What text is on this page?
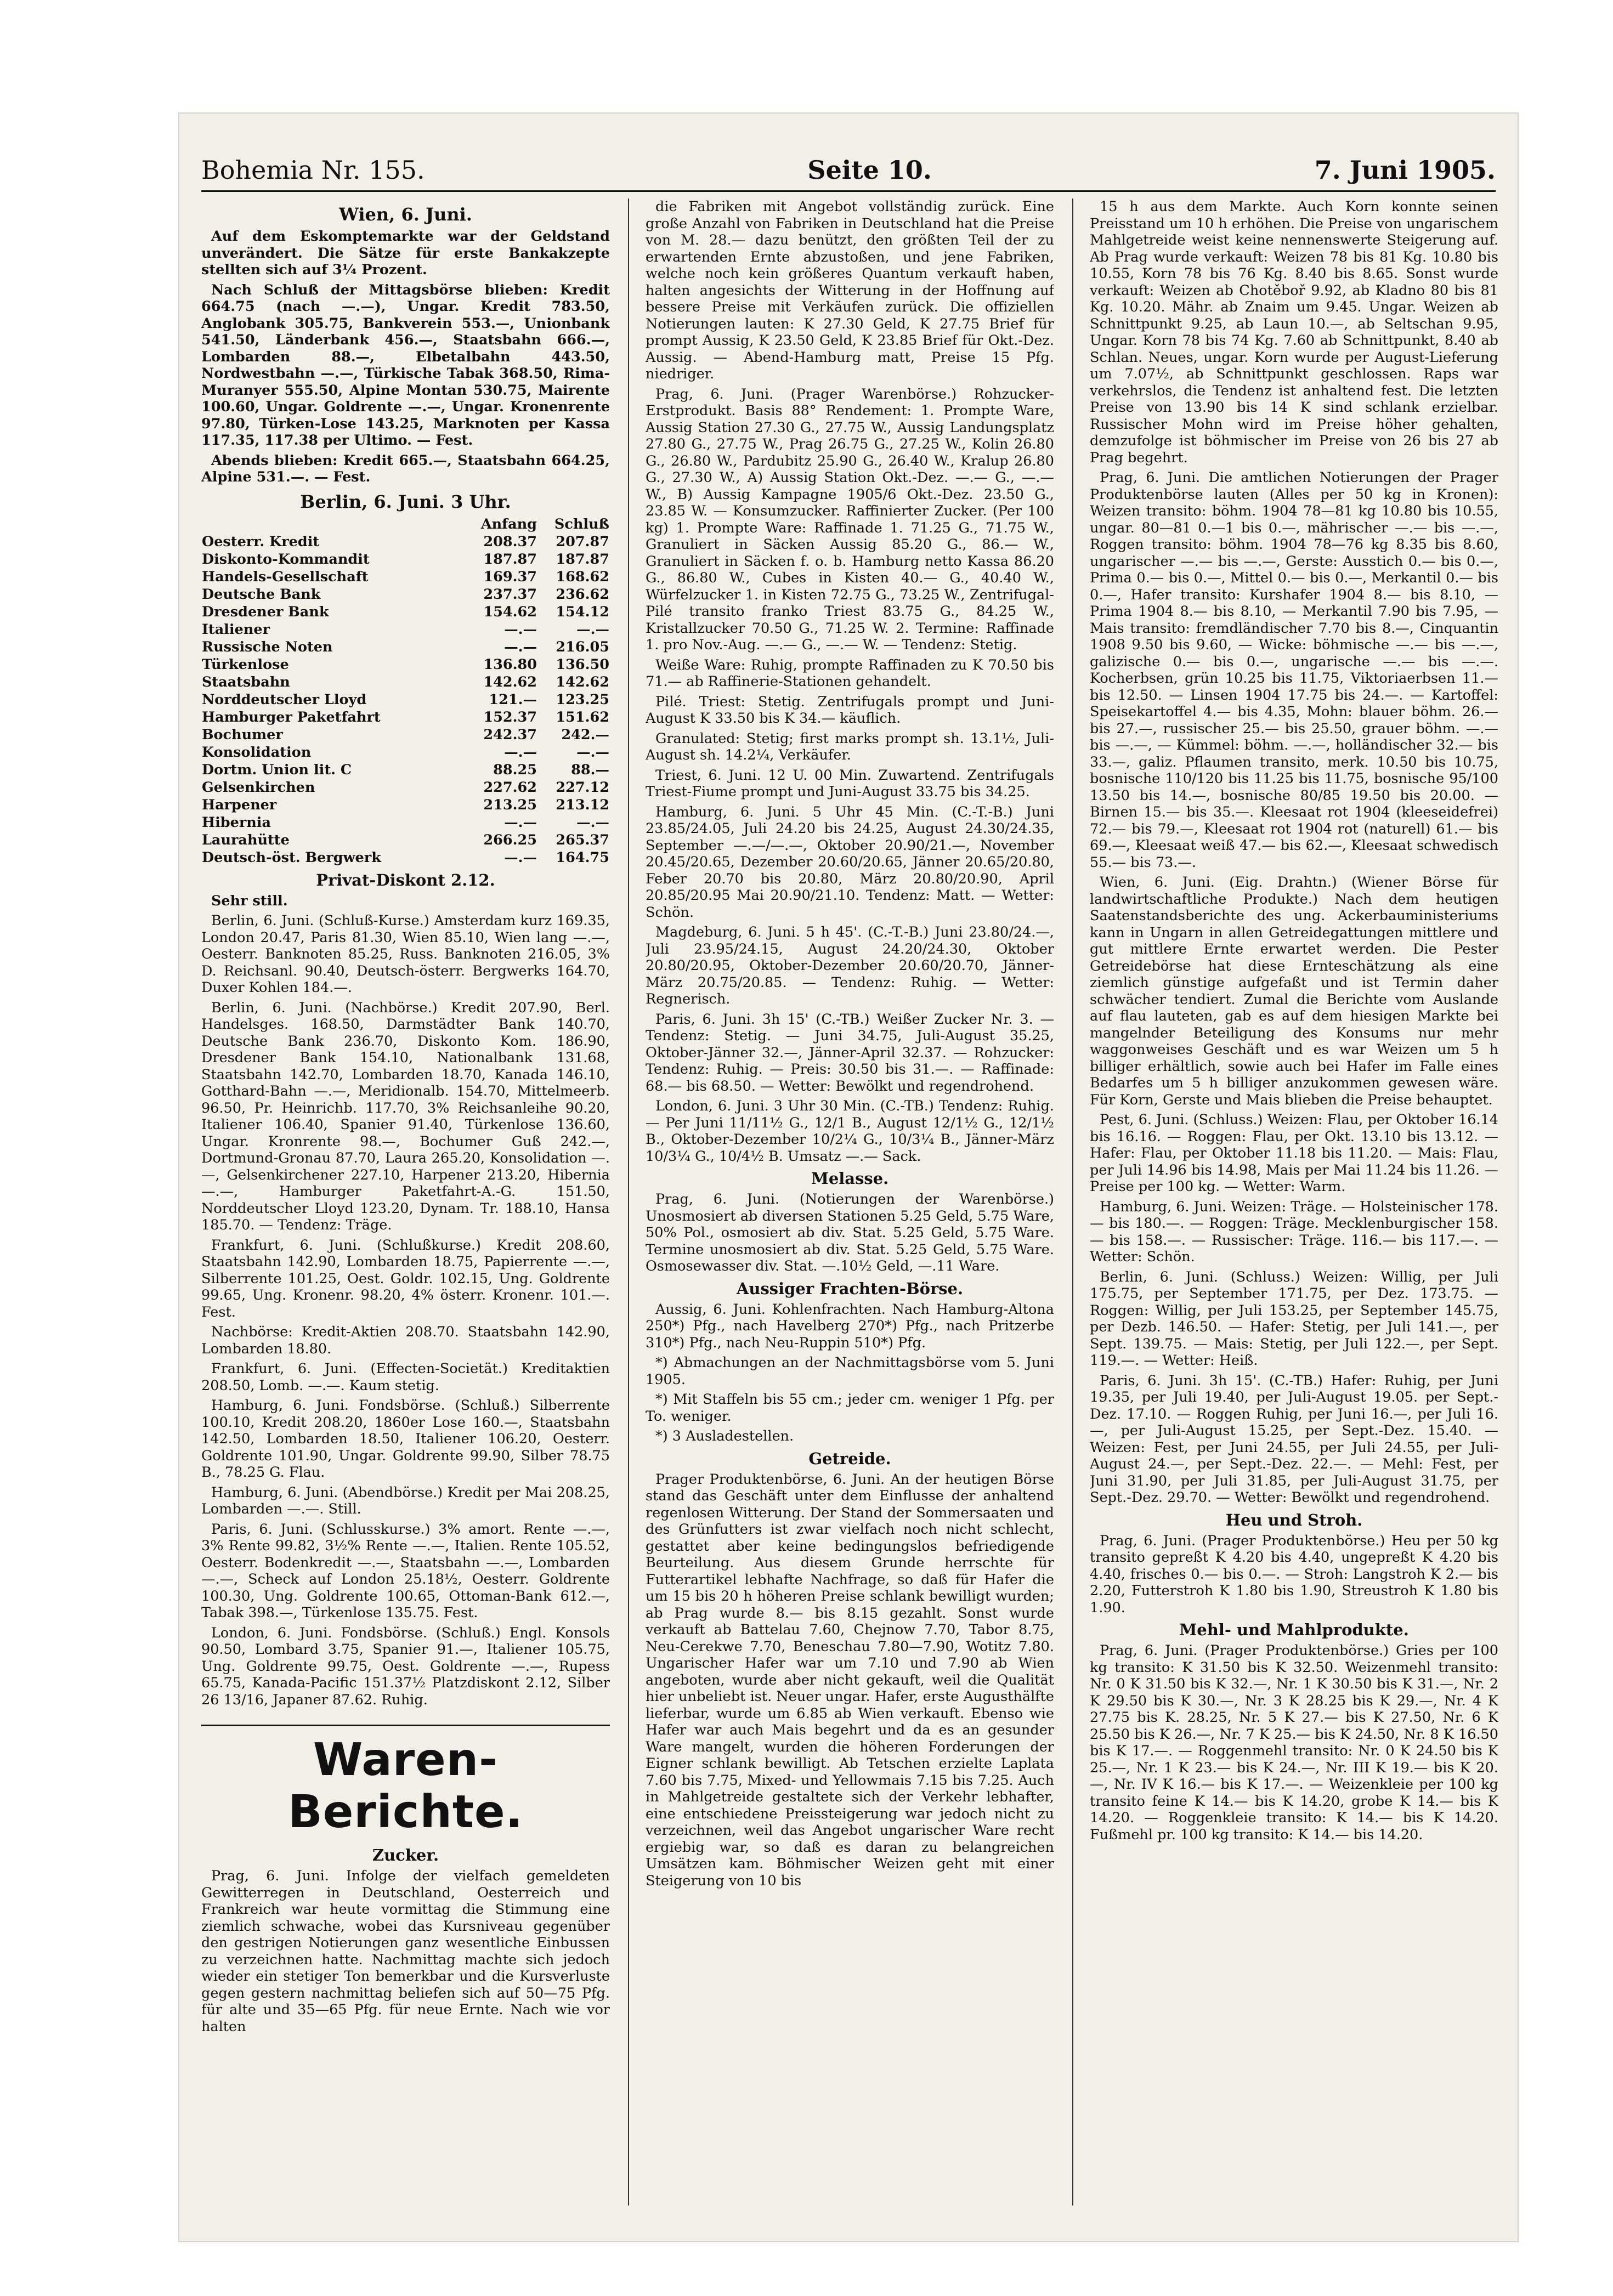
Bohemia Nr. 155.	Seite 10.	7. Juni 1905.
Wien, 6. Juni.

Auf dem Eskomptemarkte war der Geldstand unverändert. Die Sätze für erste Bankakzepte stellten sich auf 3¼ Prozent.

Nach Schluß der Mittagsbörse blieben: Kredit 664.75 (nach —.—), Ungar. Kredit 783.50, Anglobank 305.75, Bankverein 553.—, Unionbank 541.50, Länderbank 456.—, Staatsbahn 666.—, Lombarden 88.—, Elbetalbahn 443.50, Nordwestbahn —.—, Türkische Tabak 368.50, Rima-Muranyer 555.50, Alpine Montan 530.75, Mairente 100.60, Ungar. Goldrente —.—, Ungar. Kronenrente 97.80, Türken-Lose 143.25, Marknoten per Kassa 117.35, 117.38 per Ultimo. — Fest.

Abends blieben: Kredit 665.—, Staatsbahn 664.25, Alpine 531.—. — Fest.

Berlin, 6. Juni. 3 Uhr.
	Anfang	Schluß
Oesterr. Kredit	208.37	207.87
Diskonto-Kommandit	187.87	187.87
Handels-Gesellschaft	169.37	168.62
Deutsche Bank	237.37	236.62
Dresdener Bank	154.62	154.12
Italiener	—.—	—.—
Russische Noten	—.—	216.05
Türkenlose	136.80	136.50
Staatsbahn	142.62	142.62
Norddeutscher Lloyd	121.—	123.25
Hamburger Paketfahrt	152.37	151.62
Bochumer	242.37	242.—
Konsolidation	—.—	—.—
Dortm. Union lit. C	88.25	88.—
Gelsenkirchen	227.62	227.12
Harpener	213.25	213.12
Hibernia	—.—	—.—
Laurahütte	266.25	265.37
Deutsch-öst. Bergwerk	—.—	164.75
Privat-Diskont 2.12.

Sehr still.

Berlin, 6. Juni. (Schluß-Kurse.) Amsterdam kurz 169.35, London 20.47, Paris 81.30, Wien 85.10, Wien lang —.—, Oesterr. Banknoten 85.25, Russ. Banknoten 216.05, 3% D. Reichsanl. 90.40, Deutsch-österr. Bergwerks 164.70, Duxer Kohlen 184.—.

Berlin, 6. Juni. (Nachbörse.) Kredit 207.90, Berl. Handelsges. 168.50, Darmstädter Bank 140.70, Deutsche Bank 236.70, Diskonto Kom. 186.90, Dresdener Bank 154.10, Nationalbank 131.68, Staatsbahn 142.70, Lombarden 18.70, Kanada 146.10, Gotthard-Bahn —.—, Meridionalb. 154.70, Mittelmeerb. 96.50, Pr. Heinrichb. 117.70, 3% Reichsanleihe 90.20, Italiener 106.40, Spanier 91.40, Türkenlose 136.60, Ungar. Kronrente 98.—, Bochumer Guß 242.—, Dortmund-Gronau 87.70, Laura 265.20, Konsolidation —.—, Gelsenkirchener 227.10, Harpener 213.20, Hibernia —.—, Hamburger Paketfahrt-A.-G. 151.50, Norddeutscher Lloyd 123.20, Dynam. Tr. 188.10, Hansa 185.70. — Tendenz: Träge.

Frankfurt, 6. Juni. (Schlußkurse.) Kredit 208.60, Staatsbahn 142.90, Lombarden 18.75, Papierrente —.—, Silberrente 101.25, Oest. Goldr. 102.15, Ung. Goldrente 99.65, Ung. Kronenr. 98.20, 4% österr. Kronenr. 101.—. Fest.

Nachbörse: Kredit-Aktien 208.70. Staatsbahn 142.90, Lombarden 18.80.

Frankfurt, 6. Juni. (Effecten-Societät.) Kreditaktien 208.50, Lomb. —.—. Kaum stetig.

Hamburg, 6. Juni. Fondsbörse. (Schluß.) Silberrente 100.10, Kredit 208.20, 1860er Lose 160.—, Staatsbahn 142.50, Lombarden 18.50, Italiener 106.20, Oesterr. Goldrente 101.90, Ungar. Goldrente 99.90, Silber 78.75 B., 78.25 G. Flau.

Hamburg, 6. Juni. (Abendbörse.) Kredit per Mai 208.25, Lombarden —.—. Still.

Paris, 6. Juni. (Schlusskurse.) 3% amort. Rente —.—, 3% Rente 99.82, 3½% Rente —.—, Italien. Rente 105.52, Oesterr. Bodenkredit —.—, Staatsbahn —.—, Lombarden —.—, Scheck auf London 25.18½, Oesterr. Goldrente 100.30, Ung. Goldrente 100.65, Ottoman-Bank 612.—, Tabak 398.—, Türkenlose 135.75. Fest.

London, 6. Juni. Fondsbörse. (Schluß.) Engl. Konsols 90.50, Lombard 3.75, Spanier 91.—, Italiener 105.75, Ung. Goldrente 99.75, Oest. Goldrente —.—, Rupess 65.75, Kanada-Pacific 151.37½ Platzdiskont 2.12, Silber 26 13/16, Japaner 87.62. Ruhig.

Waren-Berichte.
Zucker.

Prag, 6. Juni. Infolge der vielfach gemeldeten Gewitterregen in Deutschland, Oesterreich und Frankreich war heute vormittag die Stimmung eine ziemlich schwache, wobei das Kursniveau gegenüber den gestrigen Notierungen ganz wesentliche Einbussen zu verzeichnen hatte. Nachmittag machte sich jedoch wieder ein stetiger Ton bemerkbar und die Kursverluste gegen gestern nachmittag beliefen sich auf 50—75 Pfg. für alte und 35—65 Pfg. für neue Ernte. Nach wie vor halten

die Fabriken mit Angebot vollständig zurück. Eine große Anzahl von Fabriken in Deutschland hat die Preise von M. 28.— dazu benützt, den größten Teil der zu erwartenden Ernte abzustoßen, und jene Fabriken, welche noch kein größeres Quantum verkauft haben, halten angesichts der Witterung in der Hoffnung auf bessere Preise mit Verkäufen zurück. Die offiziellen Notierungen lauten: K 27.30 Geld, K 27.75 Brief für prompt Aussig, K 23.50 Geld, K 23.85 Brief für Okt.-Dez. Aussig. — Abend-Hamburg matt, Preise 15 Pfg. niedriger.

Prag, 6. Juni. (Prager Warenbörse.) Rohzucker-Erstprodukt. Basis 88° Rendement: 1. Prompte Ware, Aussig Station 27.30 G., 27.75 W., Aussig Landungsplatz 27.80 G., 27.75 W., Prag 26.75 G., 27.25 W., Kolin 26.80 G., 26.80 W., Pardubitz 25.90 G., 26.40 W., Kralup 26.80 G., 27.30 W., A) Aussig Station Okt.-Dez. —.— G., —.— W., B) Aussig Kampagne 1905/6 Okt.-Dez. 23.50 G., 23.85 W. — Konsumzucker. Raffinierter Zucker. (Per 100 kg) 1. Prompte Ware: Raffinade 1. 71.25 G., 71.75 W., Granuliert in Säcken Aussig 85.20 G., 86.— W., Granuliert in Säcken f. o. b. Hamburg netto Kassa 86.20 G., 86.80 W., Cubes in Kisten 40.— G., 40.40 W., Würfelzucker 1. in Kisten 72.75 G., 73.25 W., Zentrifugal-Pilé transito franko Triest 83.75 G., 84.25 W., Kristallzucker 70.50 G., 71.25 W. 2. Termine: Raffinade 1. pro Nov.-Aug. —.— G., —.— W. — Tendenz: Stetig.

Weiße Ware: Ruhig, prompte Raffinaden zu K 70.50 bis 71.— ab Raffinerie-Stationen gehandelt.

Pilé. Triest: Stetig. Zentrifugals prompt und Juni-August K 33.50 bis K 34.— käuflich.

Granulated: Stetig; first marks prompt sh. 13.1½, Juli-August sh. 14.2¼, Verkäufer.

Triest, 6. Juni. 12 U. 00 Min. Zuwartend. Zentrifugals Triest-Fiume prompt und Juni-August 33.75 bis 34.25.

Hamburg, 6. Juni. 5 Uhr 45 Min. (C.-T.-B.) Juni 23.85/24.05, Juli 24.20 bis 24.25, August 24.30/24.35, September —.—/—.—, Oktober 20.90/21.—, November 20.45/20.65, Dezember 20.60/20.65, Jänner 20.65/20.80, Feber 20.70 bis 20.80, März 20.80/20.90, April 20.85/20.95 Mai 20.90/21.10. Tendenz: Matt. — Wetter: Schön.

Magdeburg, 6. Juni. 5 h 45'. (C.-T.-B.) Juni 23.80/24.—, Juli 23.95/24.15, August 24.20/24.30, Oktober 20.80/20.95, Oktober-Dezember 20.60/20.70, Jänner-März 20.75/20.85. — Tendenz: Ruhig. — Wetter: Regnerisch.

Paris, 6. Juni. 3h 15' (C.-TB.) Weißer Zucker Nr. 3. — Tendenz: Stetig. — Juni 34.75, Juli-August 35.25, Oktober-Jänner 32.—, Jänner-April 32.37. — Rohzucker: Tendenz: Ruhig. — Preis: 30.50 bis 31.—. — Raffinade: 68.— bis 68.50. — Wetter: Bewölkt und regendrohend.

London, 6. Juni. 3 Uhr 30 Min. (C.-TB.) Tendenz: Ruhig. — Per Juni 11/11½ G., 12/1 B., August 12/1½ G., 12/1½ B., Oktober-Dezember 10/2¼ G., 10/3¼ B., Jänner-März 10/3¼ G., 10/4½ B. Umsatz —.— Sack.

Melasse.

Prag, 6. Juni. (Notierungen der Warenbörse.) Unosmosiert ab diversen Stationen 5.25 Geld, 5.75 Ware, 50% Pol., osmosiert ab div. Stat. 5.25 Geld, 5.75 Ware. Termine unosmosiert ab div. Stat. 5.25 Geld, 5.75 Ware. Osmosewasser div. Stat. —.10½ Geld, —.11 Ware.

Aussiger Frachten-Börse.

Aussig, 6. Juni. Kohlenfrachten. Nach Hamburg-Altona 250*) Pfg., nach Havelberg 270*) Pfg., nach Pritzerbe 310*) Pfg., nach Neu-Ruppin 510*) Pfg.

*) Abmachungen an der Nachmittagsbörse vom 5. Juni 1905.

*) Mit Staffeln bis 55 cm.; jeder cm. weniger 1 Pfg. per To. weniger.

*) 3 Ausladestellen.

Getreide.

Prager Produktenbörse, 6. Juni. An der heutigen Börse stand das Geschäft unter dem Einflusse der anhaltend regenlosen Witterung. Der Stand der Sommersaaten und des Grünfutters ist zwar vielfach noch nicht schlecht, gestattet aber keine bedingungslos befriedigende Beurteilung. Aus diesem Grunde herrschte für Futterartikel lebhafte Nachfrage, so daß für Hafer die um 15 bis 20 h höheren Preise schlank bewilligt wurden; ab Prag wurde 8.— bis 8.15 gezahlt. Sonst wurde verkauft ab Battelau 7.60, Chejnow 7.70, Tabor 8.75, Neu-Cerekwe 7.70, Beneschau 7.80—7.90, Wotitz 7.80. Ungarischer Hafer war um 7.10 und 7.90 ab Wien angeboten, wurde aber nicht gekauft, weil die Qualität hier unbeliebt ist. Neuer ungar. Hafer, erste Augusthälfte lieferbar, wurde um 6.85 ab Wien verkauft. Ebenso wie Hafer war auch Mais begehrt und da es an gesunder Ware mangelt, wurden die höheren Forderungen der Eigner schlank bewilligt. Ab Tetschen erzielte Laplata 7.60 bis 7.75, Mixed- und Yellowmais 7.15 bis 7.25. Auch in Mahlgetreide gestaltete sich der Verkehr lebhafter, eine entschiedene Preissteigerung war jedoch nicht zu verzeichnen, weil das Angebot ungarischer Ware recht ergiebig war, so daß es daran zu belangreichen Umsätzen kam. Böhmischer Weizen geht mit einer Steigerung von 10 bis

15 h aus dem Markte. Auch Korn konnte seinen Preisstand um 10 h erhöhen. Die Preise von ungarischem Mahlgetreide weist keine nennenswerte Steigerung auf. Ab Prag wurde verkauft: Weizen 78 bis 81 Kg. 10.80 bis 10.55, Korn 78 bis 76 Kg. 8.40 bis 8.65. Sonst wurde verkauft: Weizen ab Chotěboř 9.92, ab Kladno 80 bis 81 Kg. 10.20. Mähr. ab Znaim um 9.45. Ungar. Weizen ab Schnittpunkt 9.25, ab Laun 10.—, ab Seltschan 9.95, Ungar. Korn 78 bis 74 Kg. 7.60 ab Schnittpunkt, 8.40 ab Schlan. Neues, ungar. Korn wurde per August-Lieferung um 7.07½, ab Schnittpunkt geschlossen. Raps war verkehrslos, die Tendenz ist anhaltend fest. Die letzten Preise von 13.90 bis 14 K sind schlank erzielbar. Russischer Mohn wird im Preise höher gehalten, demzufolge ist böhmischer im Preise von 26 bis 27 ab Prag begehrt.

Prag, 6. Juni. Die amtlichen Notierungen der Prager Produktenbörse lauten (Alles per 50 kg in Kronen): Weizen transito: böhm. 1904 78—81 kg 10.80 bis 10.55, ungar. 80—81 0.—1 bis 0.—, mährischer —.— bis —.—, Roggen transito: böhm. 1904 78—76 kg 8.35 bis 8.60, ungarischer —.— bis —.—, Gerste: Ausstich 0.— bis 0.—, Prima 0.— bis 0.—, Mittel 0.— bis 0.—, Merkantil 0.— bis 0.—, Hafer transito: Kurshafer 1904 8.— bis 8.10, — Prima 1904 8.— bis 8.10, — Merkantil 7.90 bis 7.95, — Mais transito: fremdländischer 7.70 bis 8.—, Cinquantin 1908 9.50 bis 9.60, — Wicke: böhmische —.— bis —.—, galizische 0.— bis 0.—, ungarische —.— bis —.—. Kocherbsen, grün 10.25 bis 11.75, Viktoriaerbsen 11.— bis 12.50. — Linsen 1904 17.75 bis 24.—. — Kartoffel: Speisekartoffel 4.— bis 4.35, Mohn: blauer böhm. 26.— bis 27.—, russischer 25.— bis 25.50, grauer böhm. —.— bis —.—, — Kümmel: böhm. —.—, holländischer 32.— bis 33.—, galiz. Pflaumen transito, merk. 10.50 bis 10.75, bosnische 110/120 bis 11.25 bis 11.75, bosnische 95/100 13.50 bis 14.—, bosnische 80/85 19.50 bis 20.00. — Birnen 15.— bis 35.—. Kleesaat rot 1904 (kleeseidefrei) 72.— bis 79.—, Kleesaat rot 1904 rot (naturell) 61.— bis 69.—, Kleesaat weiß 47.— bis 62.—, Kleesaat schwedisch 55.— bis 73.—.

Wien, 6. Juni. (Eig. Drahtn.) (Wiener Börse für landwirtschaftliche Produkte.) Nach dem heutigen Saatenstandsberichte des ung. Ackerbauministeriums kann in Ungarn in allen Getreidegattungen mittlere und gut mittlere Ernte erwartet werden. Die Pester Getreidebörse hat diese Ernteschätzung als eine ziemlich günstige aufgefaßt und ist Termin daher schwächer tendiert. Zumal die Berichte vom Auslande auf flau lauteten, gab es auf dem hiesigen Markte bei mangelnder Beteiligung des Konsums nur mehr waggonweises Geschäft und es war Weizen um 5 h billiger erhältlich, sowie auch bei Hafer im Falle eines Bedarfes um 5 h billiger anzukommen gewesen wäre. Für Korn, Gerste und Mais blieben die Preise behauptet.

Pest, 6. Juni. (Schluss.) Weizen: Flau, per Oktober 16.14 bis 16.16. — Roggen: Flau, per Okt. 13.10 bis 13.12. — Hafer: Flau, per Oktober 11.18 bis 11.20. — Mais: Flau, per Juli 14.96 bis 14.98, Mais per Mai 11.24 bis 11.26. — Preise per 100 kg. — Wetter: Warm.

Hamburg, 6. Juni. Weizen: Träge. — Holsteinischer 178.— bis 180.—. — Roggen: Träge. Mecklenburgischer 158.— bis 158.—. — Russischer: Träge. 116.— bis 117.—. — Wetter: Schön.

Berlin, 6. Juni. (Schluss.) Weizen: Willig, per Juli 175.75, per September 171.75, per Dez. 173.75. — Roggen: Willig, per Juli 153.25, per September 145.75, per Dezb. 146.50. — Hafer: Stetig, per Juli 141.—, per Sept. 139.75. — Mais: Stetig, per Juli 122.—, per Sept. 119.—. — Wetter: Heiß.

Paris, 6. Juni. 3h 15'. (C.-TB.) Hafer: Ruhig, per Juni 19.35, per Juli 19.40, per Juli-August 19.05. per Sept.-Dez. 17.10. — Roggen Ruhig, per Juni 16.—, per Juli 16.—, per Juli-August 15.25, per Sept.-Dez. 15.40. — Weizen: Fest, per Juni 24.55, per Juli 24.55, per Juli-August 24.—, per Sept.-Dez. 22.—. — Mehl: Fest, per Juni 31.90, per Juli 31.85, per Juli-August 31.75, per Sept.-Dez. 29.70. — Wetter: Bewölkt und regendrohend.

Heu und Stroh.

Prag, 6. Juni. (Prager Produktenbörse.) Heu per 50 kg transito gepreßt K 4.20 bis 4.40, ungepreßt K 4.20 bis 4.40, frisches 0.— bis 0.—. — Stroh: Langstroh K 2.— bis 2.20, Futterstroh K 1.80 bis 1.90, Streustroh K 1.80 bis 1.90.

Mehl- und Mahlprodukte.

Prag, 6. Juni. (Prager Produktenbörse.) Gries per 100 kg transito: K 31.50 bis K 32.50. Weizenmehl transito: Nr. 0 K 31.50 bis K 32.—, Nr. 1 K 30.50 bis K 31.—, Nr. 2 K 29.50 bis K 30.—, Nr. 3 K 28.25 bis K 29.—, Nr. 4 K 27.75 bis K. 28.25, Nr. 5 K 27.— bis K 27.50, Nr. 6 K 25.50 bis K 26.—, Nr. 7 K 25.— bis K 24.50, Nr. 8 K 16.50 bis K 17.—. — Roggenmehl transito: Nr. 0 K 24.50 bis K 25.—, Nr. 1 K 23.— bis K 24.—, Nr. III K 19.— bis K 20.—, Nr. IV K 16.— bis K 17.—. — Weizenkleie per 100 kg transito feine K 14.— bis K 14.20, grobe K 14.— bis K 14.20. — Roggenkleie transito: K 14.— bis K 14.20. Fußmehl pr. 100 kg transito: K 14.— bis 14.20.
